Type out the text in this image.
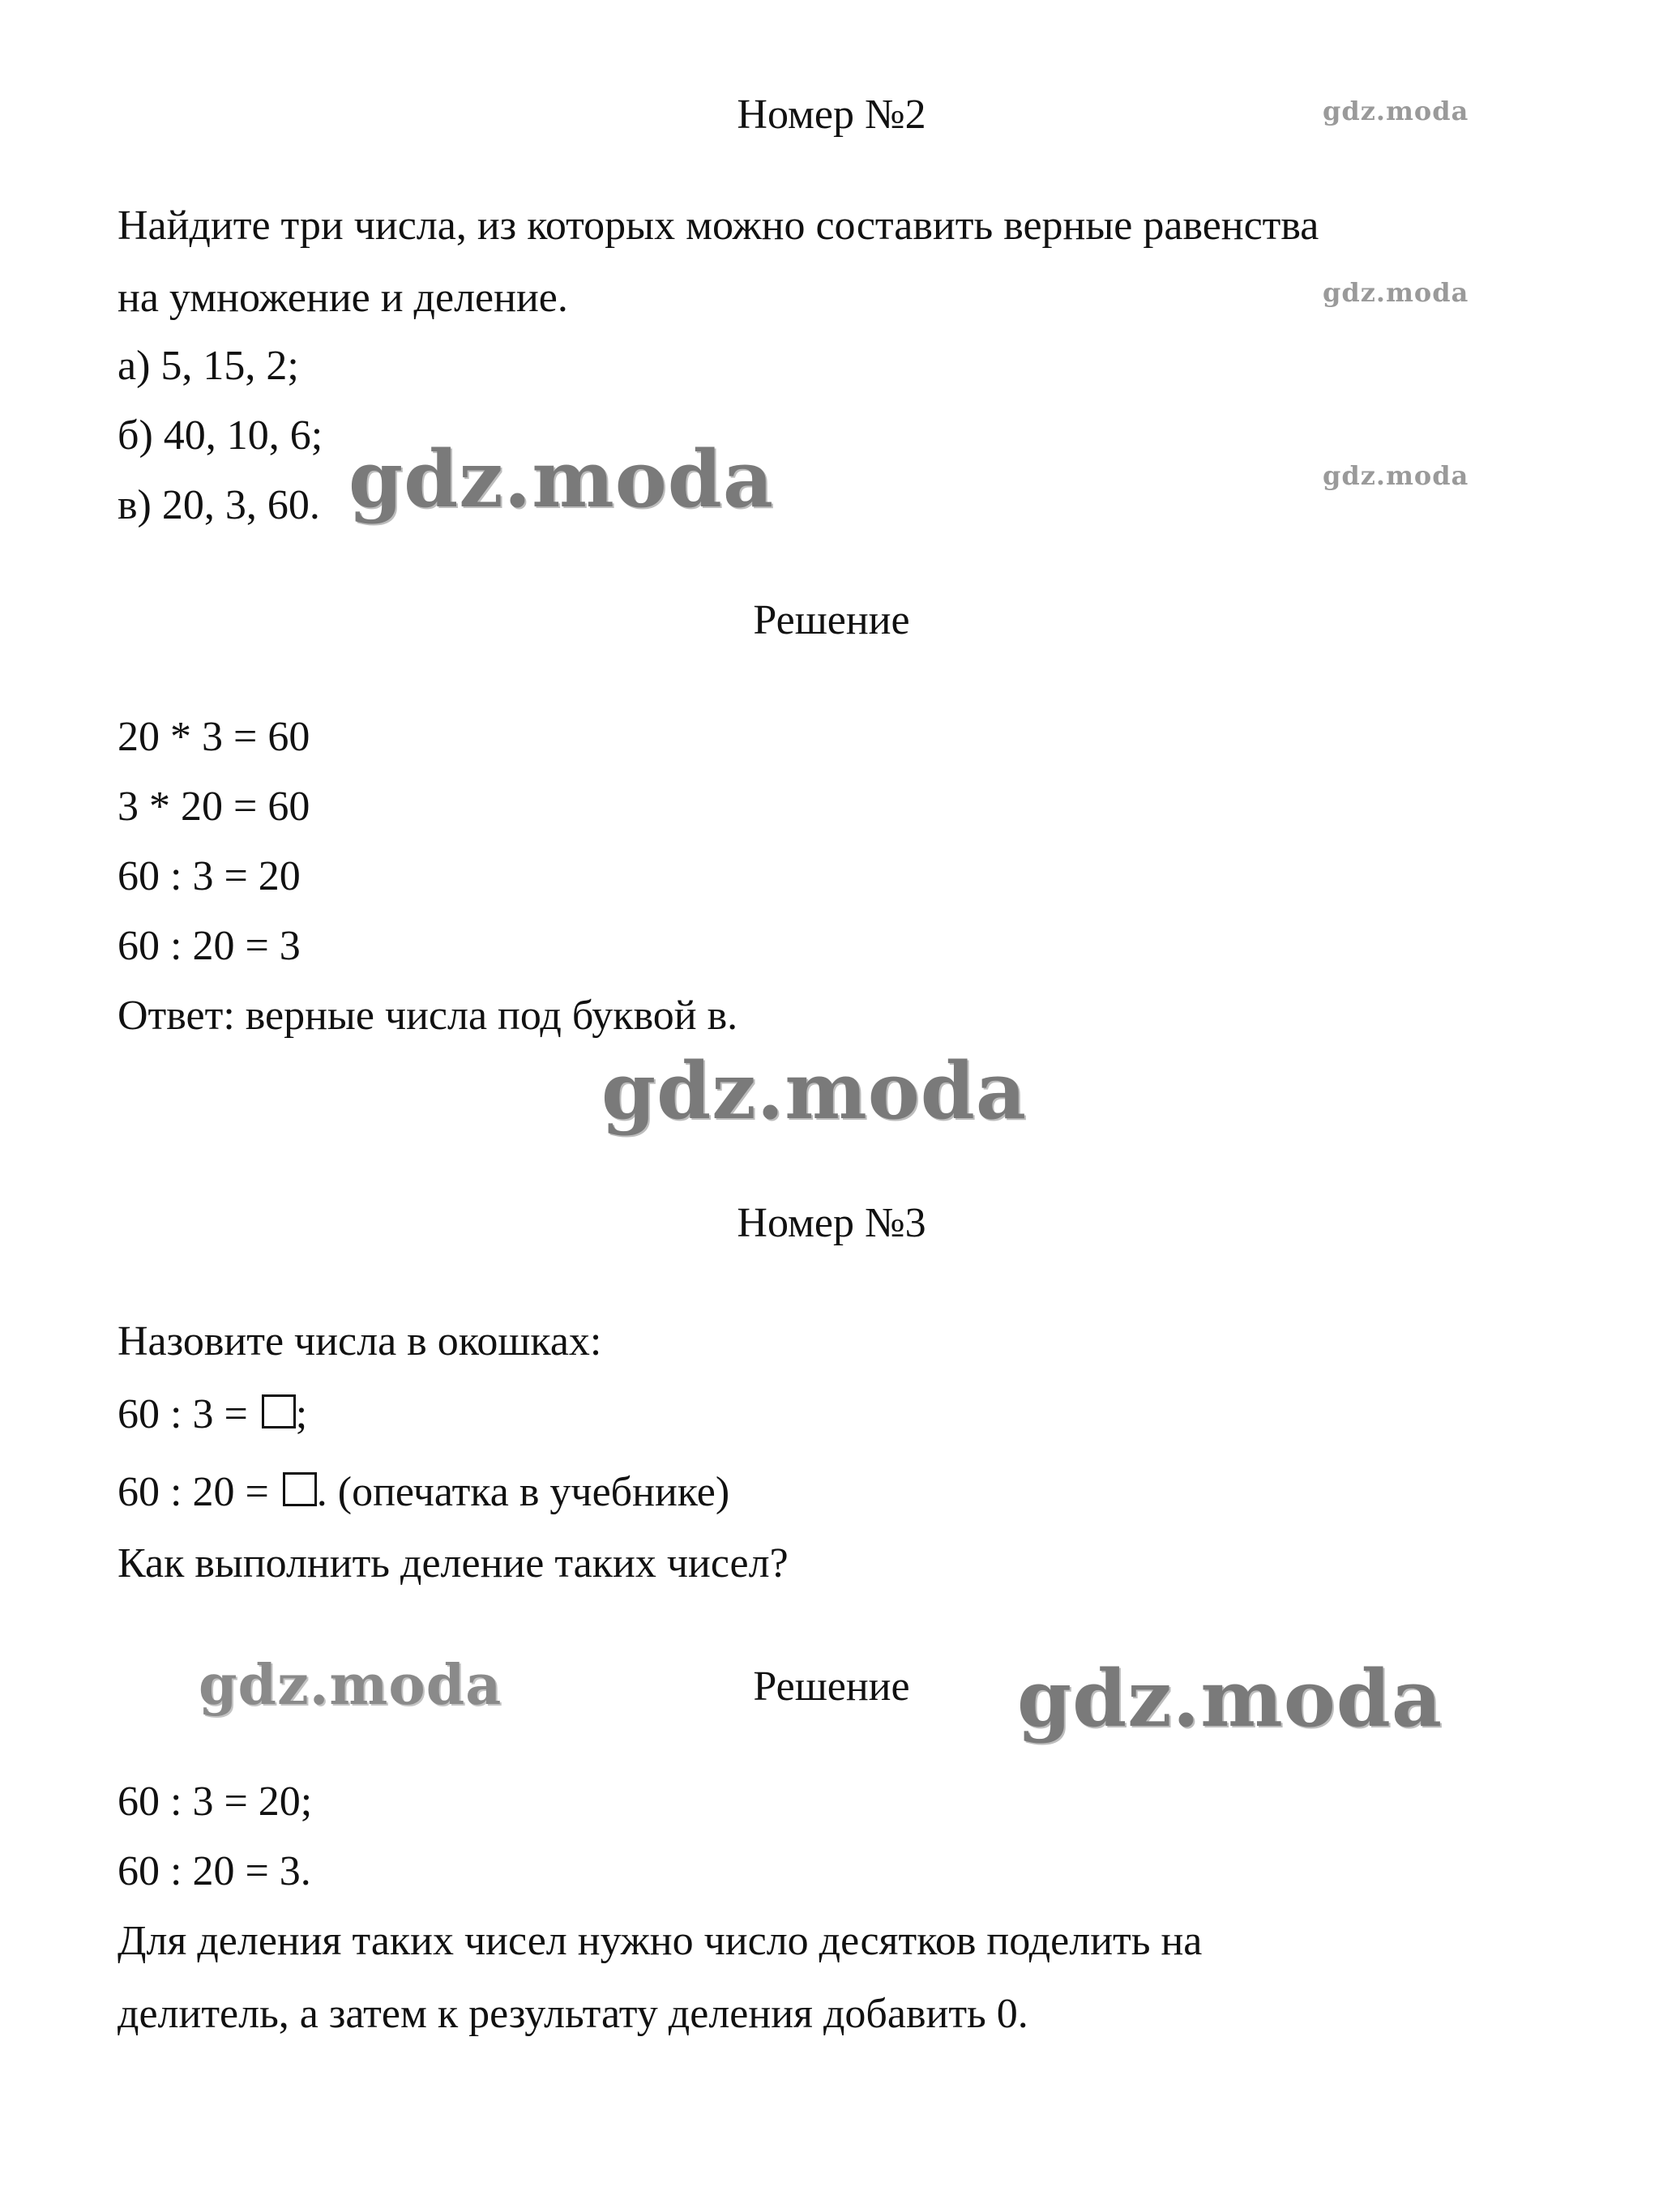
gdz.moda
gdz.moda
gdz.moda
gdz.moda
gdz.moda
gdz.moda	gdz.moda
Номер №2
Найдите три числа, из которых можно составить верные равенства
на умножение и деление.
а) 5, 15, 2;
б) 40, 10, 6;
в) 20, 3, 60.
Решение
20 * 3 = 60
3 * 20 = 60
60 : 3 = 20
60 : 20 = 3
Ответ: верные числа под буквой в.
Номер №3
Назовите числа в окошках:
60 : 3 = ;
60 : 20 = . (опечатка в учебнике)
Как выполнить деление таких чисел?
Решение
60 : 3 = 20;
60 : 20 = 3.
Для деления таких чисел нужно число десятков поделить на
делитель, а затем к результату деления добавить 0.
